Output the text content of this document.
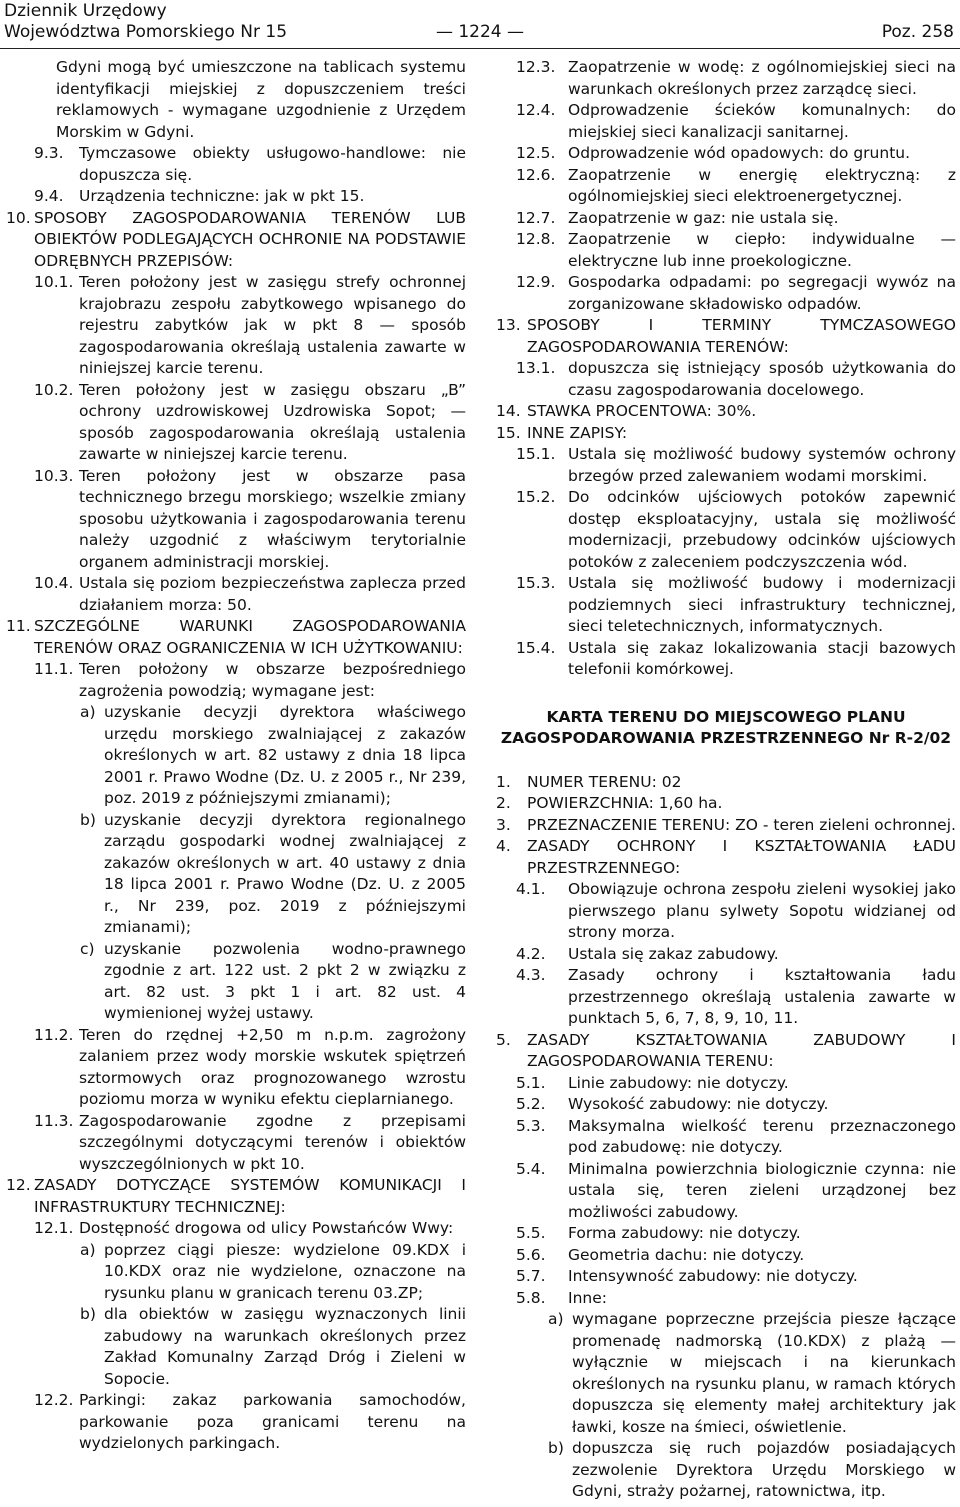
Dziennik Urzędowy
Województwa Pomorskiego Nr 15	— 1224 —	Poz. 258
Gdyni mogą być umieszczone na tablicach systemu identyfikacji miejskiej z dopuszczeniem treści reklamowych - wymagane uzgodnienie z Urzędem Morskim w Gdyni.
9.3. Tymczasowe obiekty usługowo-handlowe: nie dopuszcza się.
9.4. Urządzenia techniczne: jak w pkt 15.
10. SPOSOBY ZAGOSPODAROWANIA TERENÓW LUB OBIEKTÓW PODLEGAJĄCYCH OCHRONIE NA PODSTAWIE ODRĘBNYCH PRZEPISÓW:
10.1. Teren położony jest w zasięgu strefy ochronnej krajobrazu zespołu zabytkowego wpisanego do rejestru zabytków jak w pkt 8 — sposób zagospodarowania określają ustalenia zawarte w niniejszej karcie terenu.
10.2. Teren położony jest w zasięgu obszaru „B” ochrony uzdrowiskowej Uzdrowiska Sopot; — sposób zagospodarowania określają ustalenia zawarte w niniejszej karcie terenu.
10.3. Teren położony jest w obszarze pasa technicznego brzegu morskiego; wszelkie zmiany sposobu użytkowania i zagospodarowania terenu należy uzgodnić z właściwym terytorialnie organem administracji morskiej.
10.4. Ustala się poziom bezpieczeństwa zaplecza przed działaniem morza: 50.
11. SZCZEGÓLNE WARUNKI ZAGOSPODAROWANIA TERENÓW ORAZ OGRANICZENIA W ICH UŻYTKOWANIU:
11.1. Teren położony w obszarze bezpośredniego zagrożenia powodzią; wymagane jest:
a) uzyskanie decyzji dyrektora właściwego urzędu morskiego zwalniającej z zakazów określonych w art. 82 ustawy z dnia 18 lipca 2001 r. Prawo Wodne (Dz. U. z 2005 r., Nr 239, poz. 2019 z późniejszymi zmianami);
b) uzyskanie decyzji dyrektora regionalnego zarządu gospodarki wodnej zwalniającej z zakazów określonych w art. 40 ustawy z dnia 18 lipca 2001 r. Prawo Wodne (Dz. U. z 2005 r., Nr 239, poz. 2019 z późniejszymi zmianami);
c) uzyskanie pozwolenia wodno-prawnego zgodnie z art. 122 ust. 2 pkt 2 w związku z art. 82 ust. 3 pkt 1 i art. 82 ust. 4 wymienionej wyżej ustawy.
11.2. Teren do rzędnej +2,50 m n.p.m. zagrożony zalaniem przez wody morskie wskutek spiętrzeń sztormowych oraz prognozowanego wzrostu poziomu morza w wyniku efektu cieplarnianego.
11.3. Zagospodarowanie zgodne z przepisami szczególnymi dotyczącymi terenów i obiektów wyszczególnionych w pkt 10.
12. ZASADY DOTYCZĄCE SYSTEMÓW KOMUNIKACJI I INFRASTRUKTURY TECHNICZNEJ:
12.1. Dostępność drogowa od ulicy Powstańców Wwy:
a) poprzez ciągi piesze: wydzielone 09.KDX i 10.KDX oraz nie wydzielone, oznaczone na rysunku planu w granicach terenu 03.ZP;
b) dla obiektów w zasięgu wyznaczonych linii zabudowy na warunkach określonych przez Zakład Komunalny Zarząd Dróg i Zieleni w Sopocie.
12.2. Parkingi: zakaz parkowania samochodów, parkowanie poza granicami terenu na wydzielonych parkingach.
12.3. Zaopatrzenie w wodę: z ogólnomiejskiej sieci na warunkach określonych przez zarządcę sieci.
12.4. Odprowadzenie ścieków komunalnych: do miejskiej sieci kanalizacji sanitarnej.
12.5. Odprowadzenie wód opadowych: do gruntu.
12.6. Zaopatrzenie w energię elektryczną: z ogólnomiejskiej sieci elektroenergetycznej.
12.7. Zaopatrzenie w gaz: nie ustala się.
12.8. Zaopatrzenie w ciepło: indywidualne — elektryczne lub inne proekologiczne.
12.9. Gospodarka odpadami: po segregacji wywóz na zorganizowane składowisko odpadów.
13. SPOSOBY I TERMINY TYMCZASOWEGO ZAGOSPODAROWANIA TERENÓW:
13.1. dopuszcza się istniejący sposób użytkowania do czasu zagospodarowania docelowego.
14. STAWKA PROCENTOWA: 30%.
15. INNE ZAPISY:
15.1. Ustala się możliwość budowy systemów ochrony brzegów przed zalewaniem wodami morskimi.
15.2. Do odcinków ujściowych potoków zapewnić dostęp eksploatacyjny, ustala się możliwość modernizacji, przebudowy odcinków ujściowych potoków z zaleceniem podczyszczenia wód.
15.3. Ustala się możliwość budowy i modernizacji podziemnych sieci infrastruktury technicznej, sieci teletechnicznych, informatycznych.
15.4. Ustala się zakaz lokalizowania stacji bazowych telefonii komórkowej.
KARTA TERENU DO MIEJSCOWEGO PLANU ZAGOSPODAROWANIA PRZESTRZENNEGO Nr R-2/02
1.	NUMER TERENU: 02
2.	POWIERZCHNIA: 1,60 ha.
3.	PRZEZNACZENIE TERENU: ZO - teren zieleni ochronnej.
4.	ZASADY OCHRONY I KSZTAŁTOWANIA ŁADU PRZESTRZENNEGO:
4.1.	Obowiązuje ochrona zespołu zieleni wysokiej jako pierwszego planu sylwety Sopotu widzianej od strony morza.
4.2.	Ustala się zakaz zabudowy.
4.3.	Zasady ochrony i kształtowania ładu przestrzennego określają ustalenia zawarte w punktach 5, 6, 7, 8, 9, 10, 11.
5.	ZASADY KSZTAŁTOWANIA ZABUDOWY I ZAGOSPODAROWANIA TERENU:
5.1.	Linie zabudowy: nie dotyczy.
5.2.	Wysokość zabudowy: nie dotyczy.
5.3.	Maksymalna wielkość terenu przeznaczonego pod zabudowę: nie dotyczy.
5.4.	Minimalna powierzchnia biologicznie czynna: nie ustala się, teren zieleni urządzonej bez możliwości zabudowy.
5.5.	Forma zabudowy: nie dotyczy.
5.6.	Geometria dachu: nie dotyczy.
5.7.	Intensywność zabudowy: nie dotyczy.
5.8.	Inne:
a) wymagane poprzeczne przejścia piesze łączące promenadę nadmorską (10.KDX) z plażą — wyłącznie w miejscach i na kierunkach określonych na rysunku planu, w ramach których dopuszcza się elementy małej architektury jak ławki, kosze na śmieci, oświetlenie.
b) dopuszcza się ruch pojazdów posiadających zezwolenie Dyrektora Urzędu Morskiego w Gdyni, straży pożarnej, ratownictwa, itp.
